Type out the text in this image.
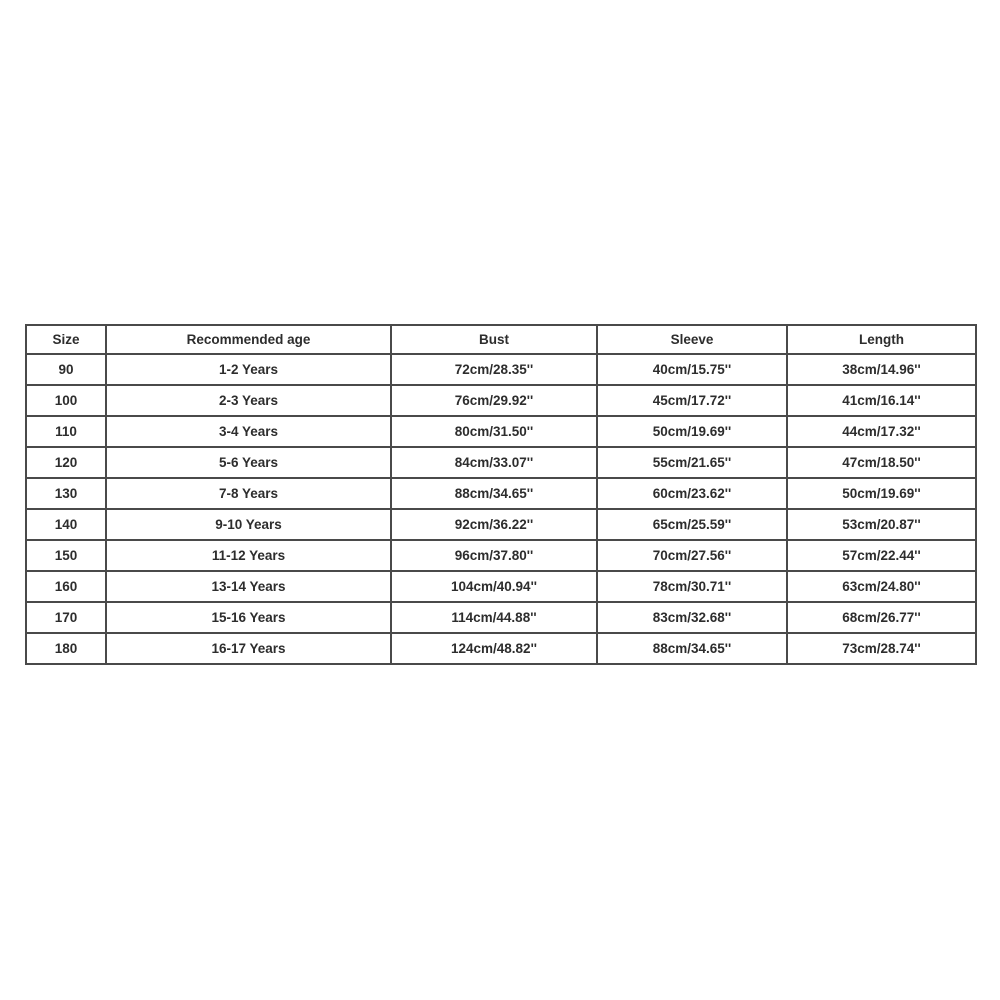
Size	Recommended age	Bust	Sleeve	Length
90	1-2 Years	72cm/28.35''	40cm/15.75''	38cm/14.96''
100	2-3 Years	76cm/29.92''	45cm/17.72''	41cm/16.14''
110	3-4 Years	80cm/31.50''	50cm/19.69''	44cm/17.32''
120	5-6 Years	84cm/33.07''	55cm/21.65''	47cm/18.50''
130	7-8 Years	88cm/34.65''	60cm/23.62''	50cm/19.69''
140	9-10 Years	92cm/36.22''	65cm/25.59''	53cm/20.87''
150	11-12 Years	96cm/37.80''	70cm/27.56''	57cm/22.44''
160	13-14 Years	104cm/40.94''	78cm/30.71''	63cm/24.80''
170	15-16 Years	114cm/44.88''	83cm/32.68''	68cm/26.77''
180	16-17 Years	124cm/48.82''	88cm/34.65''	73cm/28.74''
